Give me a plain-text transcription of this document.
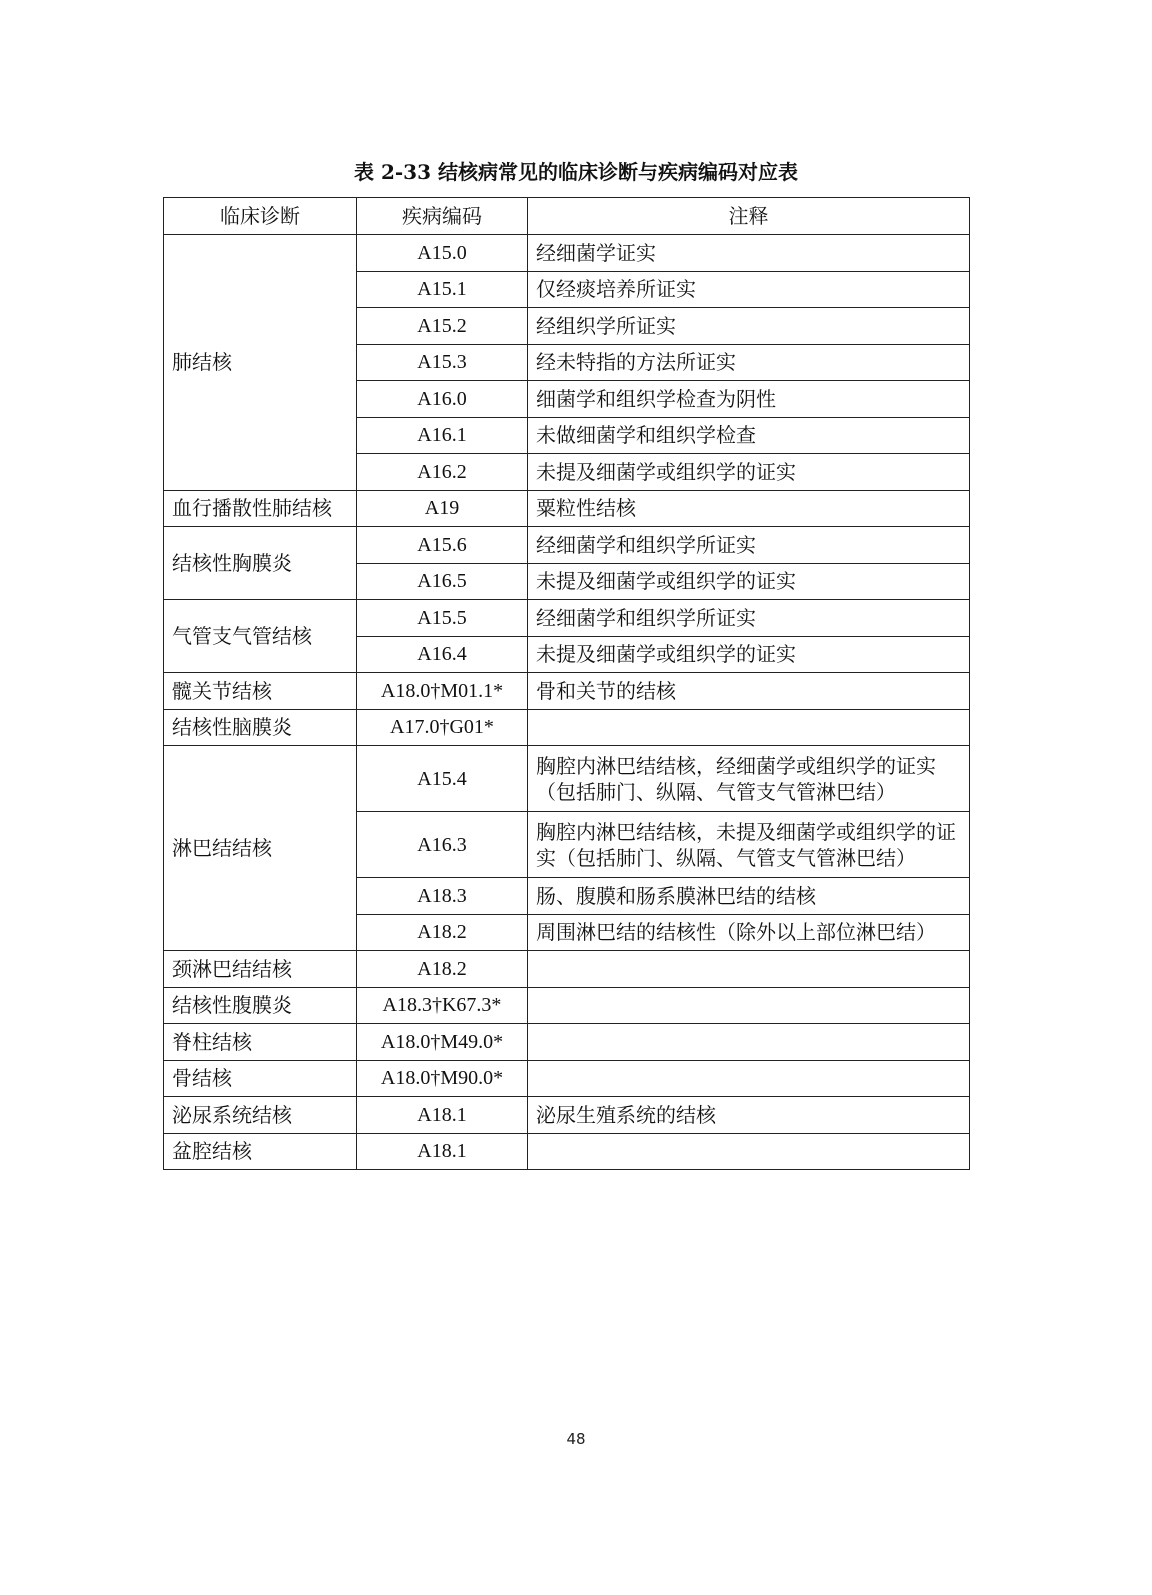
表 2-33 结核病常见的临床诊断与疾病编码对应表
临床诊断	疾病编码	注释
肺结核	A15.0	经细菌学证实
	A15.1	仅经痰培养所证实
	A15.2	经组织学所证实
	A15.3	经未特指的方法所证实
	A16.0	细菌学和组织学检查为阴性
	A16.1	未做细菌学和组织学检查
	A16.2	未提及细菌学或组织学的证实
血行播散性肺结核	A19	粟粒性结核
结核性胸膜炎	A15.6	经细菌学和组织学所证实
	A16.5	未提及细菌学或组织学的证实
气管支气管结核	A15.5	经细菌学和组织学所证实
	A16.4	未提及细菌学或组织学的证实
髋关节结核	A18.0†M01.1*	骨和关节的结核
结核性脑膜炎	A17.0†G01*	
淋巴结结核	A15.4	胸腔内淋巴结结核，经细菌学或组织学的证实（包括肺门、纵隔、气管支气管淋巴结）
	A16.3	胸腔内淋巴结结核，未提及细菌学或组织学的证实（包括肺门、纵隔、气管支气管淋巴结）
	A18.3	肠、腹膜和肠系膜淋巴结的结核
	A18.2	周围淋巴结的结核性（除外以上部位淋巴结）
颈淋巴结结核	A18.2	
结核性腹膜炎	A18.3†K67.3*	
脊柱结核	A18.0†M49.0*	
骨结核	A18.0†M90.0*	
泌尿系统结核	A18.1	泌尿生殖系统的结核
盆腔结核	A18.1	
48
